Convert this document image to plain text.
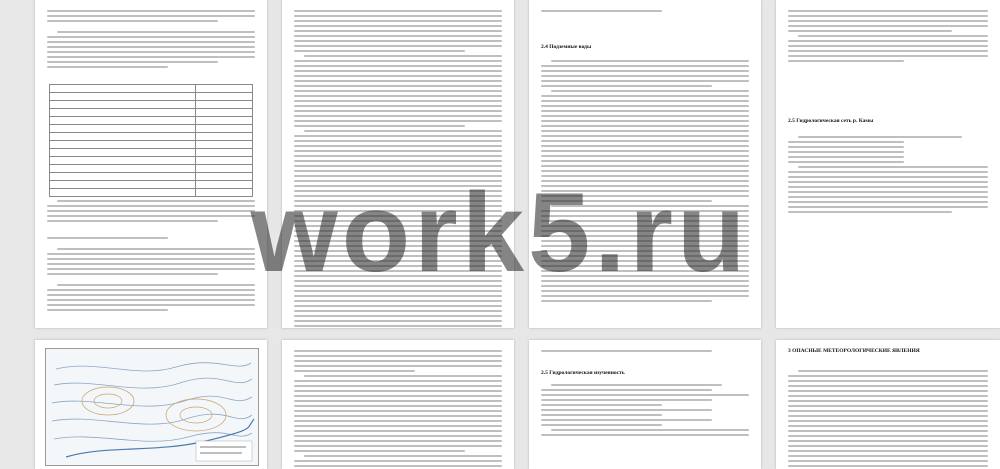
2.4 Подземные воды
2.5 Гидрологическая сеть р. Камы
2.5 Гидрологическая изученность
3 ОПАСНЫЕ МЕТЕОРОЛОГИЧЕСКИЕ ЯВЛЕНИЯ
work5.ru
